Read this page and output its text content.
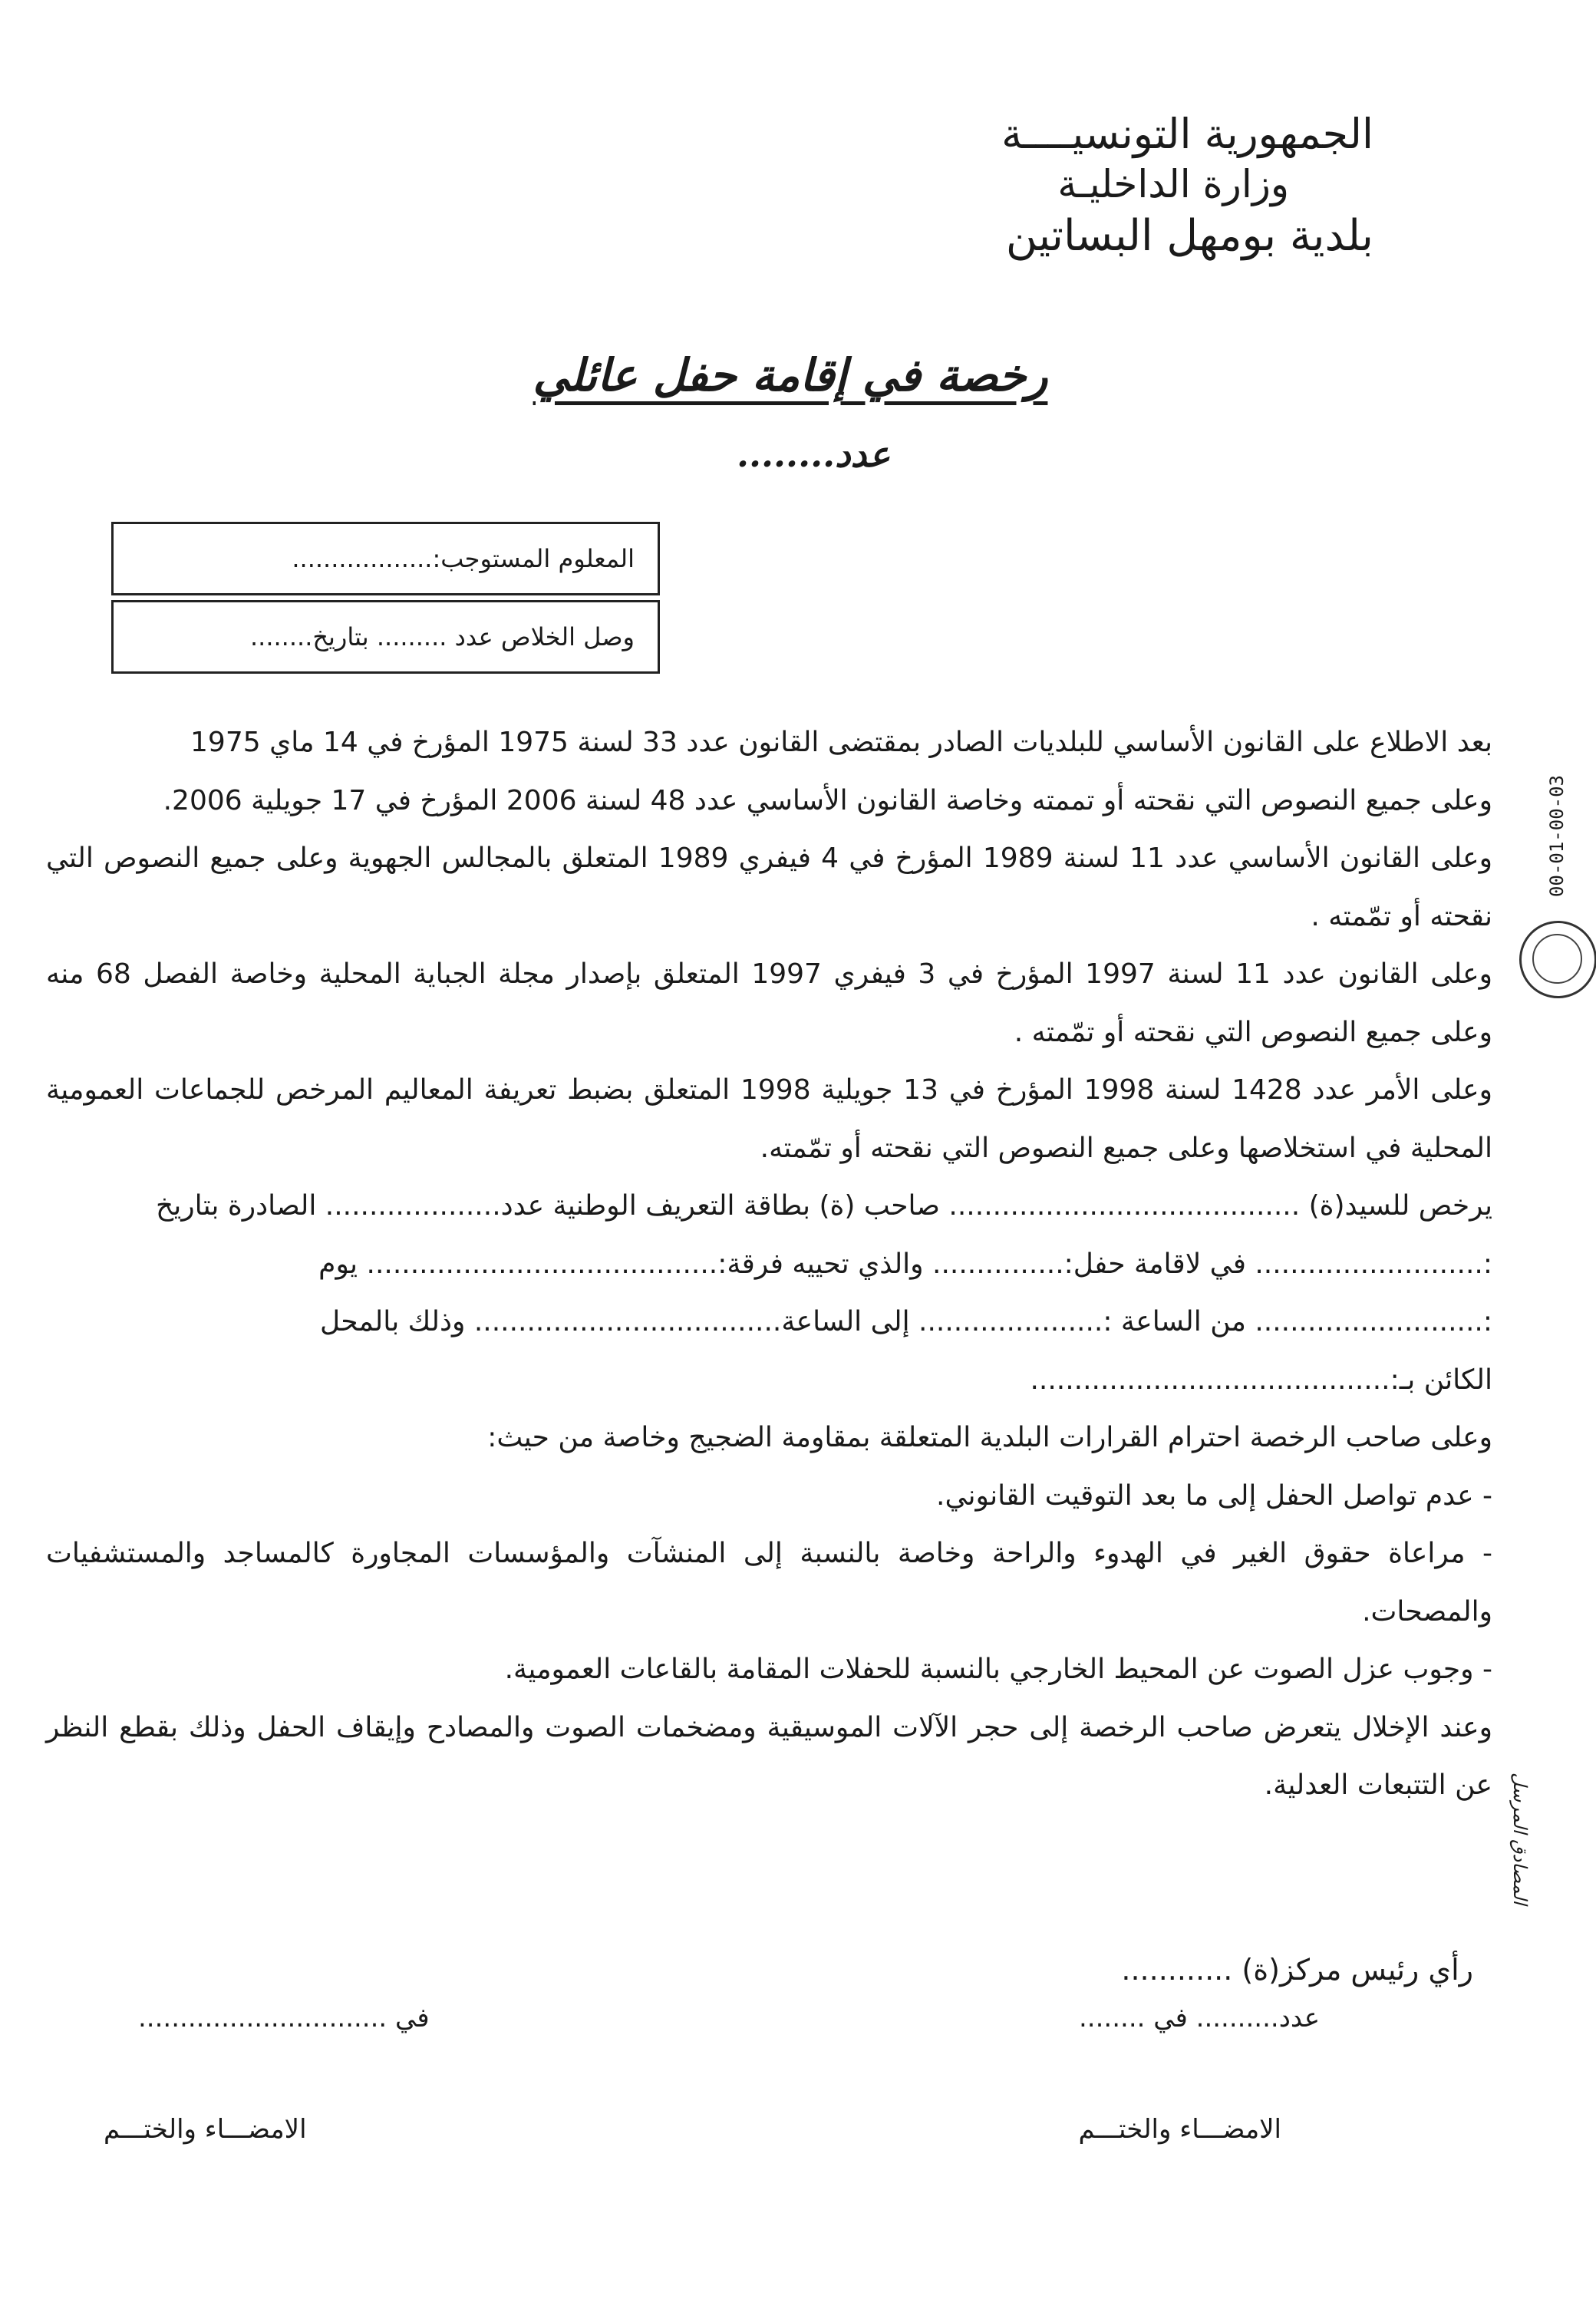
الجمهورية التونسيــــة
وزارة الداخليـة
بلدية بومهل البساتين
رخصة في إقامة حفل عائلي
عدد........
المعلوم المستوجب:..................
وصل الخلاص عدد ......... بتاريخ........

بعد الاطلاع على القانون الأساسي للبلديات الصادر بمقتضى القانون عدد 33 لسنة 1975 المؤرخ في 14 ماي 1975

وعلى جميع النصوص التي نقحته أو تممته وخاصة القانون الأساسي عدد 48 لسنة 2006 المؤرخ في 17 جويلية 2006.

وعلى القانون الأساسي عدد 11 لسنة 1989 المؤرخ في 4 فيفري 1989 المتعلق بالمجالس الجهوية وعلى جميع النصوص التي نقحته أو تمّمته .

وعلى القانون عدد 11 لسنة 1997 المؤرخ في 3 فيفري 1997 المتعلق بإصدار مجلة الجباية المحلية وخاصة الفصل 68 منه وعلى جميع النصوص التي نقحته أو تمّمته .

وعلى الأمر عدد 1428 لسنة 1998 المؤرخ في 13 جويلية 1998 المتعلق بضبط تعريفة المعاليم المرخص للجماعات العمومية المحلية في استخلاصها وعلى جميع النصوص التي نقحته أو تمّمته.

يرخص للسيد(ة) ........................................ صاحب (ة) بطاقة التعريف الوطنية عدد.................... الصادرة بتاريخ

:.......................... في لاقامة حفل:............... والذي تحييه فرقة:........................................ يوم

:.......................... من الساعة :..................... إلى الساعة................................... وذلك بالمحل

الكائن بـ:.........................................

وعلى صاحب الرخصة احترام القرارات البلدية المتعلقة بمقاومة الضجيج وخاصة من حيث:

- عدم تواصل الحفل إلى ما بعد التوقيت القانوني.

- مراعاة حقوق الغير في الهدوء والراحة وخاصة بالنسبة إلى المنشآت والمؤسسات المجاورة كالمساجد والمستشفيات والمصحات.

- وجوب عزل الصوت عن المحيط الخارجي بالنسبة للحفلات المقامة بالقاعات العمومية.

وعند الإخلال يتعرض صاحب الرخصة إلى حجر الآلات الموسيقية ومضخمات الصوت والمصادح وإيقاف الحفل وذلك بقطع النظر عن التتبعات العدلية.

00-01-00-03
المصادق المرسل
رأي رئيس مركز(ة) ............
عدد.......... في ........
في ..............................
الامضـــاء والختـــم
الامضـــاء والختـــم
